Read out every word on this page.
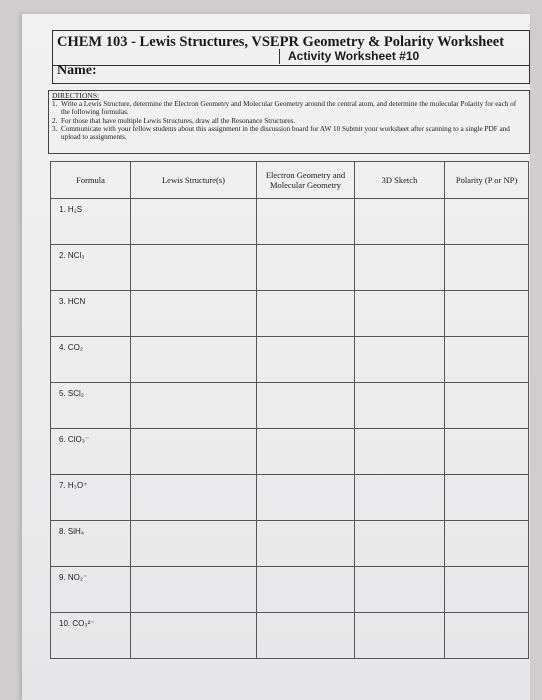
CHEM 103 - Lewis Structures, VSEPR Geometry & Polarity Worksheet
Activity Worksheet #10
Name:
DIRECTIONS:
1. Write a Lewis Structure, determine the Electron Geometry and Molecular Geometry around the central atom, and determine the molecular Polarity for each of the following formulas.
2. For those that have multiple Lewis Structures, draw all the Resonance Structures.
3. Communicate with your fellow students about this assignment in the discussion board for AW 10 Submit your worksheet after scanning to a single PDF and upload to assignments.
Formula	Lewis Structure(s)	Electron Geometry and Molecular Geometry	3D Sketch	Polarity (P or NP)

1. H₂S				

2. NCl₃				

3. HCN				

4. CO₂				

5. SCl₂				

6. ClO₃⁻				

7. H₃O⁺				

8. SiH₄				

9. NO₂⁻				

10. CO₃²⁻				
